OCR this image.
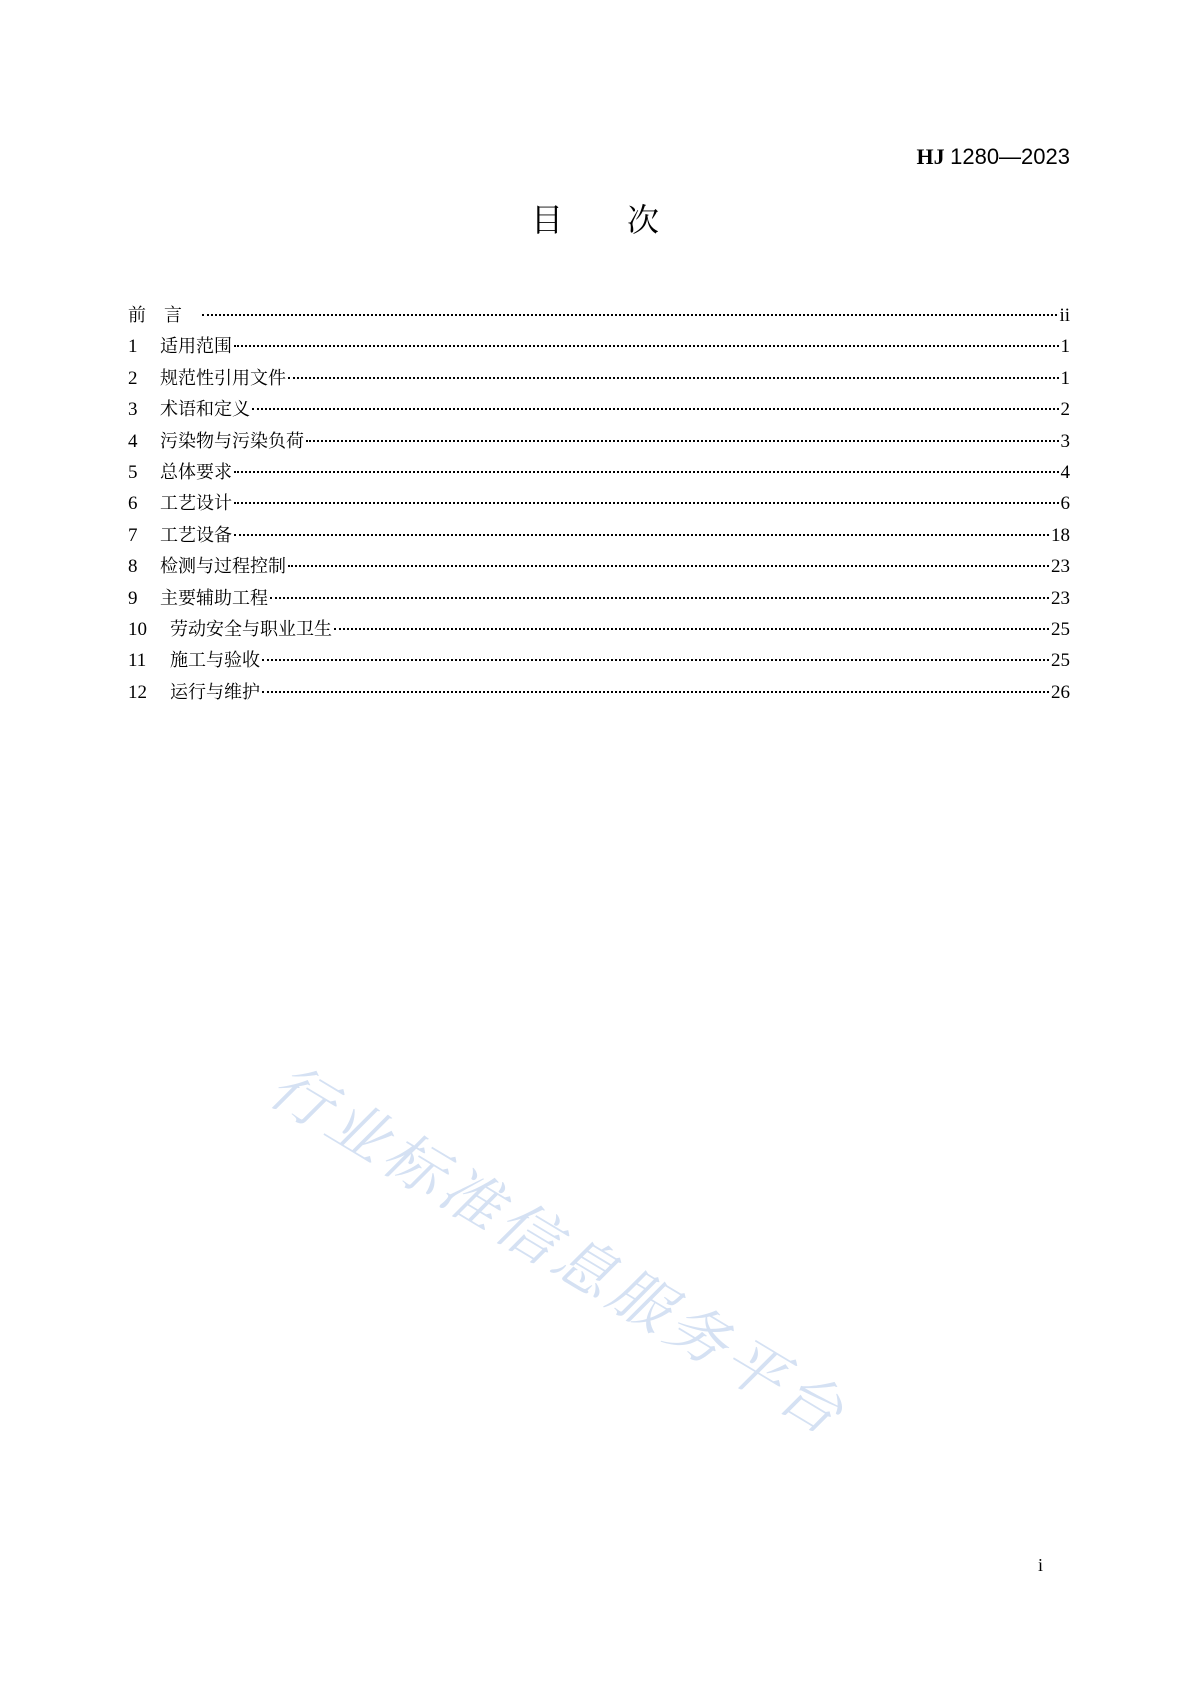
HJ 1280—2023
目次
前言	ii
1	适用范围	1
2	规范性引用文件	1
3	术语和定义	2
4	污染物与污染负荷	3
5	总体要求	4
6	工艺设计	6
7	工艺设备	18
8	检测与过程控制	23
9	主要辅助工程	23
10	劳动安全与职业卫生	25
11	施工与验收	25
12	运行与维护	26
行业标准信息服务平台
i
